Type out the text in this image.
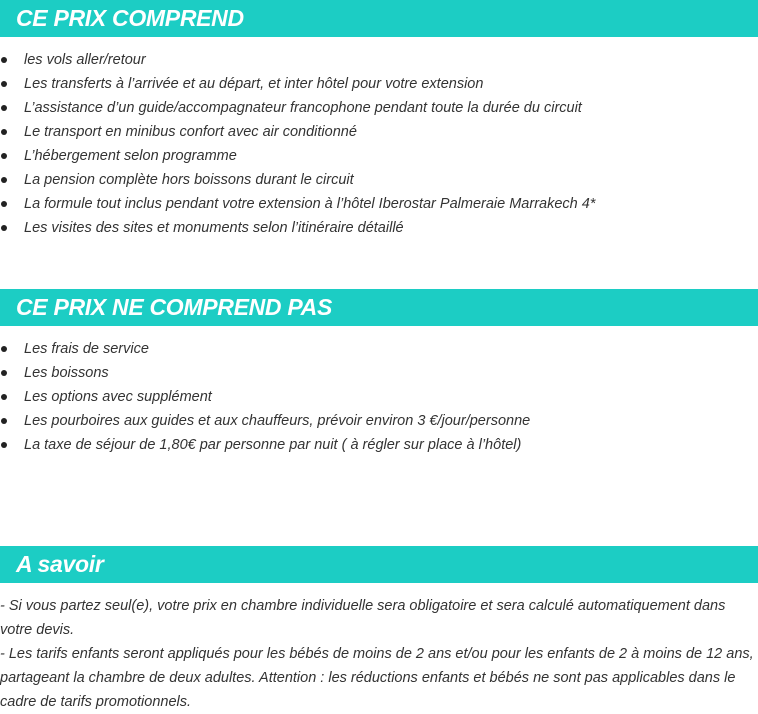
CE PRIX COMPREND
les vols aller/retour
Les transferts à l’arrivée et au départ, et inter hôtel pour votre extension
L’assistance d’un guide/accompagnateur francophone pendant toute la durée du circuit
Le transport en minibus confort avec air conditionné
L’hébergement selon programme
La pension complète hors boissons durant le circuit
La formule tout inclus pendant votre extension à l’hôtel Iberostar Palmeraie Marrakech 4*
Les visites des sites et monuments selon l’itinéraire détaillé
CE PRIX NE COMPREND PAS
Les frais de service
Les boissons
Les options avec supplément
Les pourboires aux guides et aux chauffeurs, prévoir environ 3 €/jour/personne
La taxe de séjour de 1,80€ par personne par nuit ( à régler sur place à l’hôtel)
A savoir

- Si vous partez seul(e), votre prix en chambre individuelle sera obligatoire et sera calculé automatiquement dans votre devis.

- Les tarifs enfants seront appliqués pour les bébés de moins de 2 ans et/ou pour les enfants de 2 à moins de 12 ans, partageant la chambre de deux adultes. Attention : les réductions enfants et bébés ne sont pas applicables dans le cadre de tarifs promotionnels.
